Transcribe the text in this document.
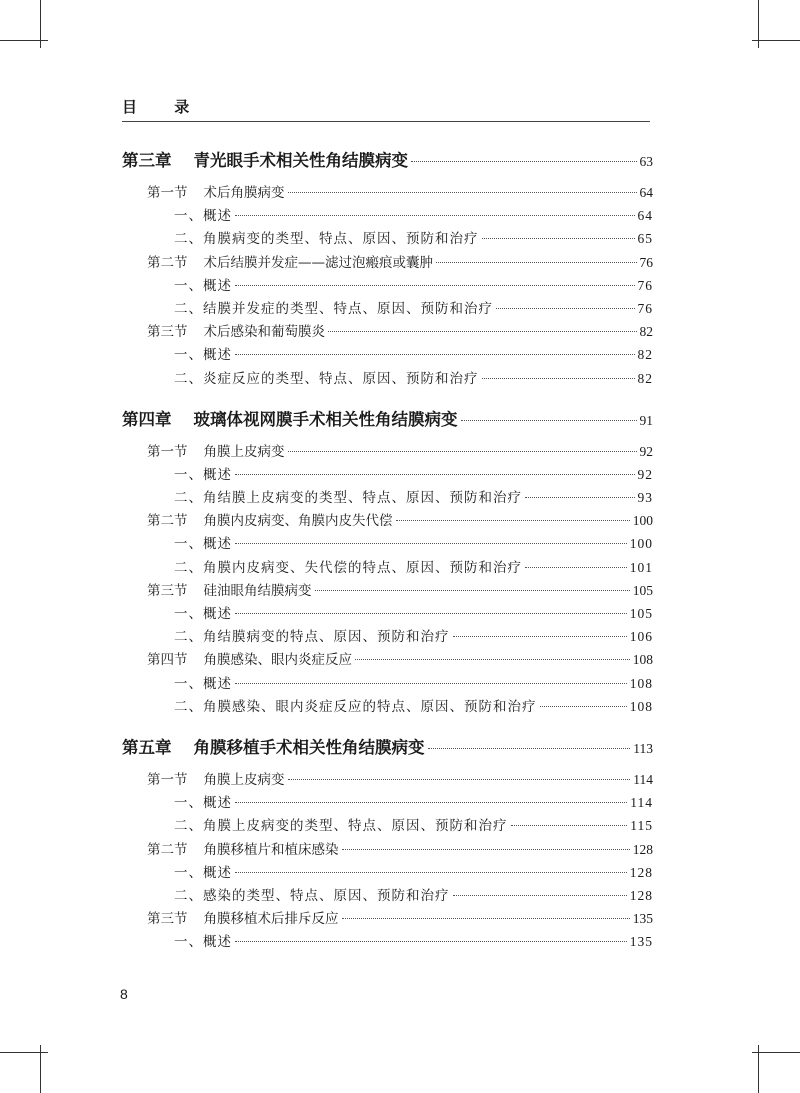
目 录
第三章 青光眼手术相关性角结膜病变	63
第一节 术后角膜病变	64
一、概述	64
二、角膜病变的类型、特点、原因、预防和治疗	65
第二节 术后结膜并发症——滤过泡瘢痕或囊肿	76
一、概述	76
二、结膜并发症的类型、特点、原因、预防和治疗	76
第三节 术后感染和葡萄膜炎	82
一、概述	82
二、炎症反应的类型、特点、原因、预防和治疗	82
第四章 玻璃体视网膜手术相关性角结膜病变	91
第一节 角膜上皮病变	92
一、概述	92
二、角结膜上皮病变的类型、特点、原因、预防和治疗	93
第二节 角膜内皮病变、角膜内皮失代偿	100
一、概述	100
二、角膜内皮病变、失代偿的特点、原因、预防和治疗	101
第三节 硅油眼角结膜病变	105
一、概述	105
二、角结膜病变的特点、原因、预防和治疗	106
第四节 角膜感染、眼内炎症反应	108
一、概述	108
二、角膜感染、眼内炎症反应的特点、原因、预防和治疗	108
第五章 角膜移植手术相关性角结膜病变	113
第一节 角膜上皮病变	114
一、概述	114
二、角膜上皮病变的类型、特点、原因、预防和治疗	115
第二节 角膜移植片和植床感染	128
一、概述	128
二、感染的类型、特点、原因、预防和治疗	128
第三节 角膜移植术后排斥反应	135
一、概述	135
8
